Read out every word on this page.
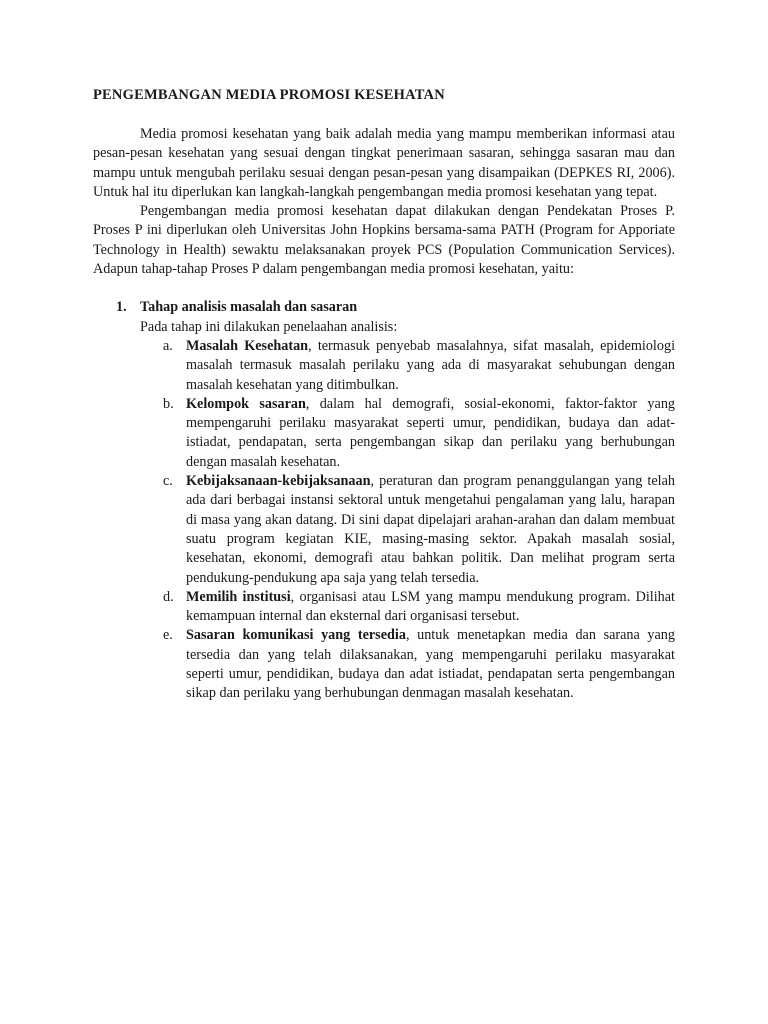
PENGEMBANGAN MEDIA PROMOSI KESEHATAN

Media promosi kesehatan yang baik adalah media yang mampu memberikan informasi atau pesan-pesan kesehatan yang sesuai dengan tingkat penerimaan sasaran, sehingga sasaran mau dan mampu untuk mengubah perilaku sesuai dengan pesan-pesan yang disampaikan (DEPKES RI, 2006). Untuk hal itu diperlukan kan langkah-langkah pengembangan media promosi kesehatan yang tepat.

Pengembangan media promosi kesehatan dapat dilakukan dengan Pendekatan Proses P. Proses P ini diperlukan oleh Universitas John Hopkins bersama-sama PATH (Program for Apporiate Technology in Health) sewaktu melaksanakan proyek PCS (Population Communication Services). Adapun tahap-tahap Proses P dalam pengembangan media promosi kesehatan, yaitu:

1. Tahap analisis masalah dan sasaran

Pada tahap ini dilakukan penelaahan analisis:

a. Masalah Kesehatan, termasuk penyebab masalahnya, sifat masalah, epidemiologi masalah termasuk masalah perilaku yang ada di masyarakat sehubungan dengan masalah kesehatan yang ditimbulkan.
b. Kelompok sasaran, dalam hal demografi, sosial-ekonomi, faktor-faktor yang mempengaruhi perilaku masyarakat seperti umur, pendidikan, budaya dan adat-istiadat, pendapatan, serta pengembangan sikap dan perilaku yang berhubungan dengan masalah kesehatan.
c. Kebijaksanaan-kebijaksanaan, peraturan dan program penanggulangan yang telah ada dari berbagai instansi sektoral untuk mengetahui pengalaman yang lalu, harapan di masa yang akan datang. Di sini dapat dipelajari arahan-arahan dan dalam membuat suatu program kegiatan KIE, masing-masing sektor. Apakah masalah sosial, kesehatan, ekonomi, demografi atau bahkan politik. Dan melihat program serta pendukung-pendukung apa saja yang telah tersedia.
d. Memilih institusi, organisasi atau LSM yang mampu mendukung program. Dilihat kemampuan internal dan eksternal dari organisasi tersebut.
e. Sasaran komunikasi yang tersedia, untuk menetapkan media dan sarana yang tersedia dan yang telah dilaksanakan, yang mempengaruhi perilaku masyarakat seperti umur, pendidikan, budaya dan adat istiadat, pendapatan serta pengembangan sikap dan perilaku yang berhubungan denmagan masalah kesehatan.
